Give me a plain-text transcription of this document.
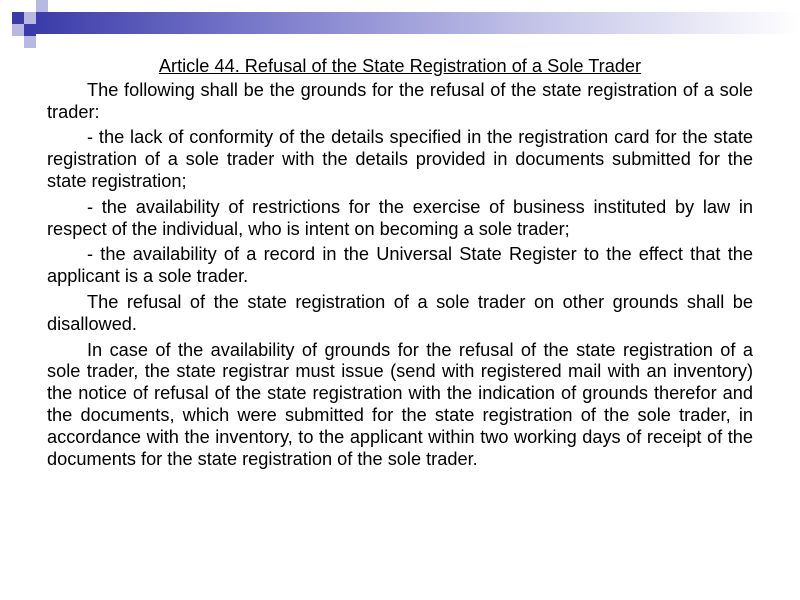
Article 44. Refusal of the State Registration of a Sole Trader

The following shall be the grounds for the refusal of the state registration of a sole trader:

- the lack of conformity of the details specified in the registration card for the state registration of a sole trader with the details provided in documents submitted for the state registration;

- the availability of restrictions for the exercise of business instituted by law in respect of the individual, who is intent on becoming a sole trader;

- the availability of a record in the Universal State Register to the effect that the applicant is a sole trader.

The refusal of the state registration of a sole trader on other grounds shall be disallowed.

In case of the availability of grounds for the refusal of the state registration of a sole trader, the state registrar must issue (send with registered mail with an inventory) the notice of refusal of the state registration with the indication of grounds therefor and the documents, which were submitted for the state registration of the sole trader, in accordance with the inventory, to the applicant within two working days of receipt of the documents for the state registration of the sole trader.
